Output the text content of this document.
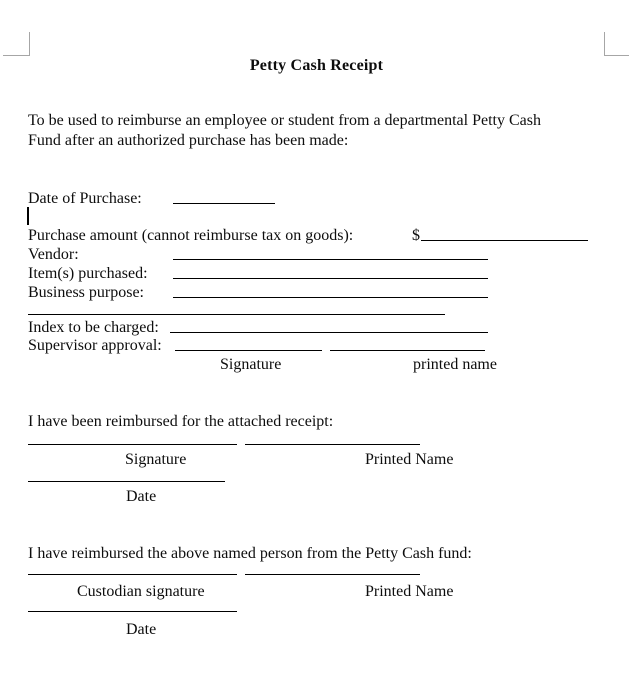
Petty Cash Receipt
To be used to reimburse an employee or student from a departmental Petty Cash
Fund after an authorized purchase has been made:
Date of Purchase:
Purchase amount (cannot reimburse tax on goods):	$
Vendor:
Item(s) purchased:
Business purpose:
Index to be charged:
Supervisor approval:
Signature	printed name
I have been reimbursed for the attached receipt:
Signature	Printed Name
Date
I have reimbursed the above named person from the Petty Cash fund:
Custodian signature	Printed Name
Date
